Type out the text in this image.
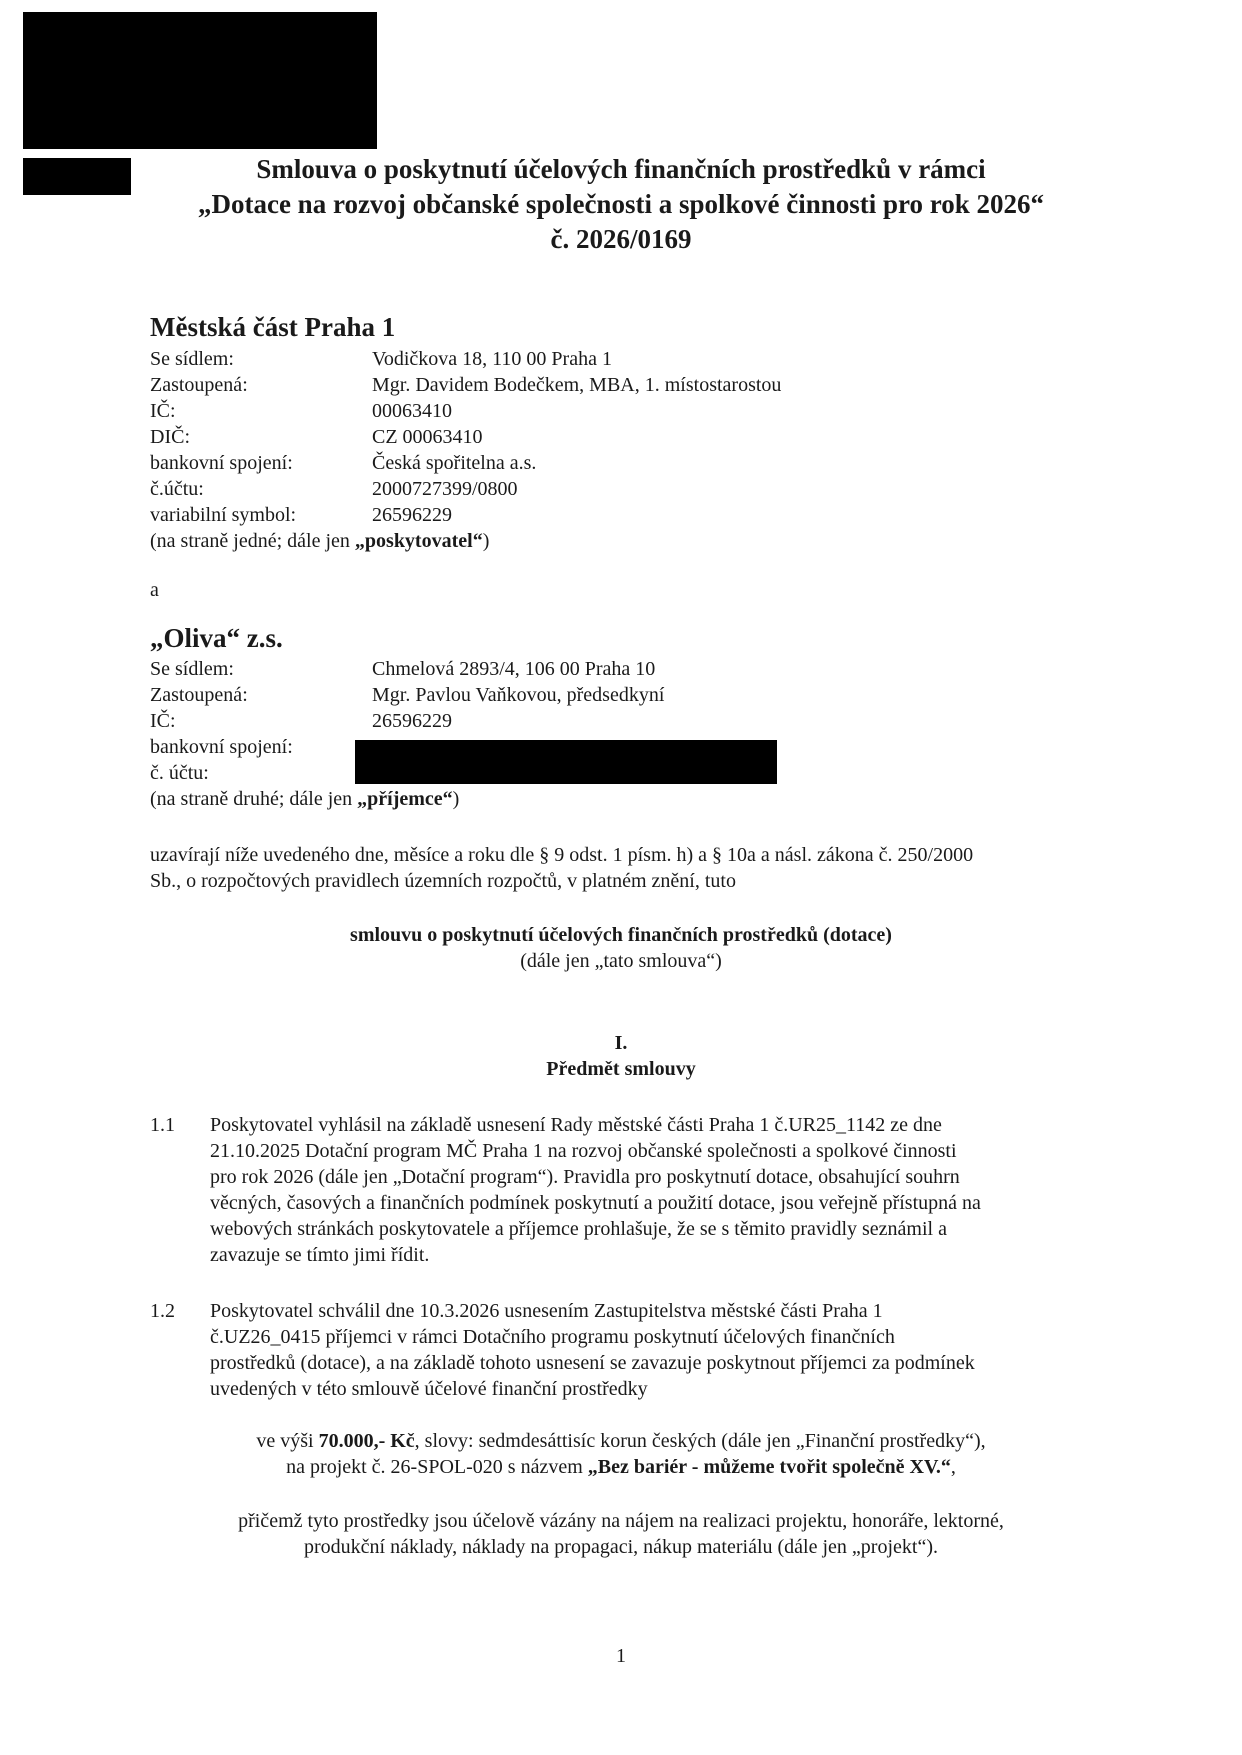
Smlouva o poskytnutí účelových finančních prostředků v rámci
„Dotace na rozvoj občanské společnosti a spolkové činnosti pro rok 2026“
č. 2026/0169
Městská část Praha 1
Se sídlem:	Vodičkova 18, 110 00 Praha 1
Zastoupená:	Mgr. Davidem Bodečkem, MBA, 1. místostarostou
IČ:	00063410
DIČ:	CZ 00063410
bankovní spojení:	Česká spořitelna a.s.
č.účtu:	2000727399/0800
variabilní symbol:	26596229
(na straně jedné; dále jen „poskytovatel“)
a
„Oliva“ z.s.
Se sídlem:	Chmelová 2893/4, 106 00 Praha 10
Zastoupená:	Mgr. Pavlou Vaňkovou, předsedkyní
IČ:	26596229
bankovní spojení:
č. účtu:
(na straně druhé; dále jen „příjemce“)
uzavírají níže uvedeného dne, měsíce a roku dle § 9 odst. 1 písm. h) a § 10a a násl. zákona č. 250/2000
Sb., o rozpočtových pravidlech územních rozpočtů, v platném znění, tuto
smlouvu o poskytnutí účelových finančních prostředků (dotace)
(dále jen „tato smlouva“)
I.
Předmět smlouvy
1.1 Poskytovatel vyhlásil na základě usnesení Rady městské části Praha 1 č.UR25_1142 ze dne
21.10.2025 Dotační program MČ Praha 1 na rozvoj občanské společnosti a spolkové činnosti
pro rok 2026 (dále jen „Dotační program“). Pravidla pro poskytnutí dotace, obsahující souhrn
věcných, časových a finančních podmínek poskytnutí a použití dotace, jsou veřejně přístupná na
webových stránkách poskytovatele a příjemce prohlašuje, že se s těmito pravidly seznámil a
zavazuje se tímto jimi řídit.
1.2 Poskytovatel schválil dne 10.3.2026 usnesením Zastupitelstva městské části Praha 1
č.UZ26_0415 příjemci v rámci Dotačního programu poskytnutí účelových finančních
prostředků (dotace), a na základě tohoto usnesení se zavazuje poskytnout příjemci za podmínek
uvedených v této smlouvě účelové finanční prostředky
ve výši 70.000,- Kč, slovy: sedmdesáttisíc korun českých (dále jen „Finanční prostředky“),
na projekt č. 26-SPOL-020 s názvem „Bez bariér - můžeme tvořit společně XV.“,
přičemž tyto prostředky jsou účelově vázány na nájem na realizaci projektu, honoráře, lektorné,
produkční náklady, náklady na propagaci, nákup materiálu (dále jen „projekt“).
1
